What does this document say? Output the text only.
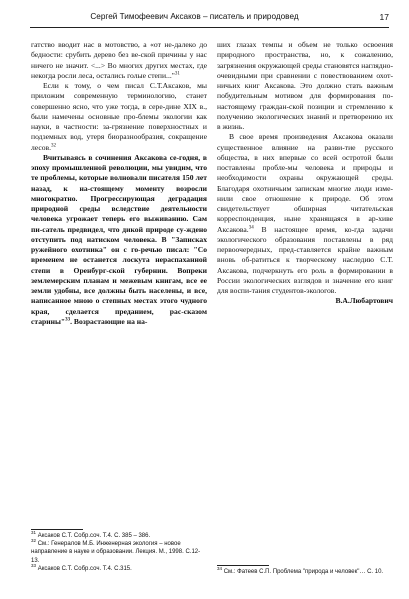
Сергей Тимофеевич Аксаков – писатель и природовед	17

гатство вводит нас в мотовство, а «от не-далеко до бедности: срубить дерево без ве-ской причины у нас ничего не значит. <...> Во многих других местах, где некогда росли леса, остались голые степи..."$^{31}$

Если к тому, о чем писал С.Т.Аксаков, мы приложим современную терминологию, станет совершенно ясно, что уже тогда, в сере-дине XIX в., были намечены основные про-блемы экологии как науки, в частности: за-грязнение поверхностных и подземных вод, утеря биоразнообразия, сокращение лесов.$^{32}$

Вчитываясь в сочинения Аксакова се-годня, в эпоху промышленной революции, мы увидим, что те проблемы, которые волновали писателя 150 лет назад, к на-стоящему моменту возросли многократно. Прогрессирующая деградация природной среды вследствие деятельности человека угрожает теперь его выживанию. Сам пи-сатель предвидел, что дикой природе су-ждено отступить под натиском человека. В "Записках ружейного охотника" он с го-речью писал: "Со временем не останется лоскута нераспаханной степи в Оренбург-ской губернии. Вопреки землемерским планам и межевым книгам, все ее земли удобны, все должны быть населены, и все, написанное мною о степных местах этого чудного края, сделается преданием, рас-сказом старины"$^{33}$. Возрастающие на на-

ших глазах темпы и объем не только освоения природного пространства, но, к сожалению, загрязнения окружающей среды становятся наглядно-очевидными при сравнении с повествованием охот-ничьих книг Аксакова. Это должно стать важным побудительным мотивом для формирования по-настоящему граждан-ской позиции и стремлению к получению экологических знаний и претворению их в жизнь.

В свое время произведения Аксакова оказали существенное влияние на разви-тие русского общества, в них впервые со всей остротой были поставлены пробле-мы человека и природы и необходимости охраны окружающей среды. Благодаря охотничьим запискам многие люди изме-нили свое отношение к природе. Об этом свидетельствует обширная читательская корреспонденция, ныне хранящаяся в ар-хиве Аксакова.$^{34}$ В настоящее время, ко-гда задачи экологического образования поставлены в ряд первоочередных, пред-ставляется крайне важным вновь об-ратиться к творческому наследию С.Т. Аксакова, подчеркнуть его роль в формировании в России экологических взглядов и значение его книг для воспи-тания студентов-экологов.

В.А.Любартович

$^{31}$ Аксаков С.Т. Собр.соч. Т.4. С. 385 – 386.

$^{32}$ См.: Генералов М.Б. Инженерная экология – новое направление в науке и образовании. Лекция. М., 1998. С.12-13.

$^{33}$ Аксаков С.Т. Собр.соч. Т.4. С.315.	$^{34}$ См.: Фатеев С.П. Проблема "природа и человек"… С. 10.
